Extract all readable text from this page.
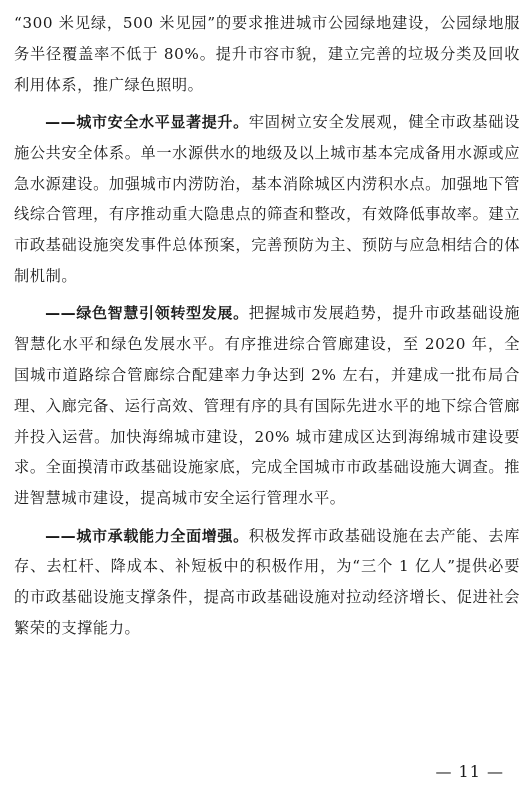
“300 米见绿，500 米见园”的要求推进城市公园绿地建设，公园绿地服务半径覆盖率不低于 80%。提升市容市貌，建立完善的垃圾分类及回收利用体系，推广绿色照明。

——城市安全水平显著提升。牢固树立安全发展观，健全市政基础设施公共安全体系。单一水源供水的地级及以上城市基本完成备用水源或应急水源建设。加强城市内涝防治，基本消除城区内涝积水点。加强地下管线综合管理，有序推动重大隐患点的筛查和整改，有效降低事故率。建立市政基础设施突发事件总体预案，完善预防为主、预防与应急相结合的体制机制。

——绿色智慧引领转型发展。把握城市发展趋势，提升市政基础设施智慧化水平和绿色发展水平。有序推进综合管廊建设，至 2020 年，全国城市道路综合管廊综合配建率力争达到 2% 左右，并建成一批布局合理、入廊完备、运行高效、管理有序的具有国际先进水平的地下综合管廊并投入运营。加快海绵城市建设，20% 城市建成区达到海绵城市建设要求。全面摸清市政基础设施家底，完成全国城市市政基础设施大调查。推进智慧城市建设，提高城市安全运行管理水平。

——城市承载能力全面增强。积极发挥市政基础设施在去产能、去库存、去杠杆、降成本、补短板中的积极作用，为“三个 1 亿人”提供必要的市政基础设施支撑条件，提高市政基础设施对拉动经济增长、促进社会繁荣的支撑能力。

— 11 —
